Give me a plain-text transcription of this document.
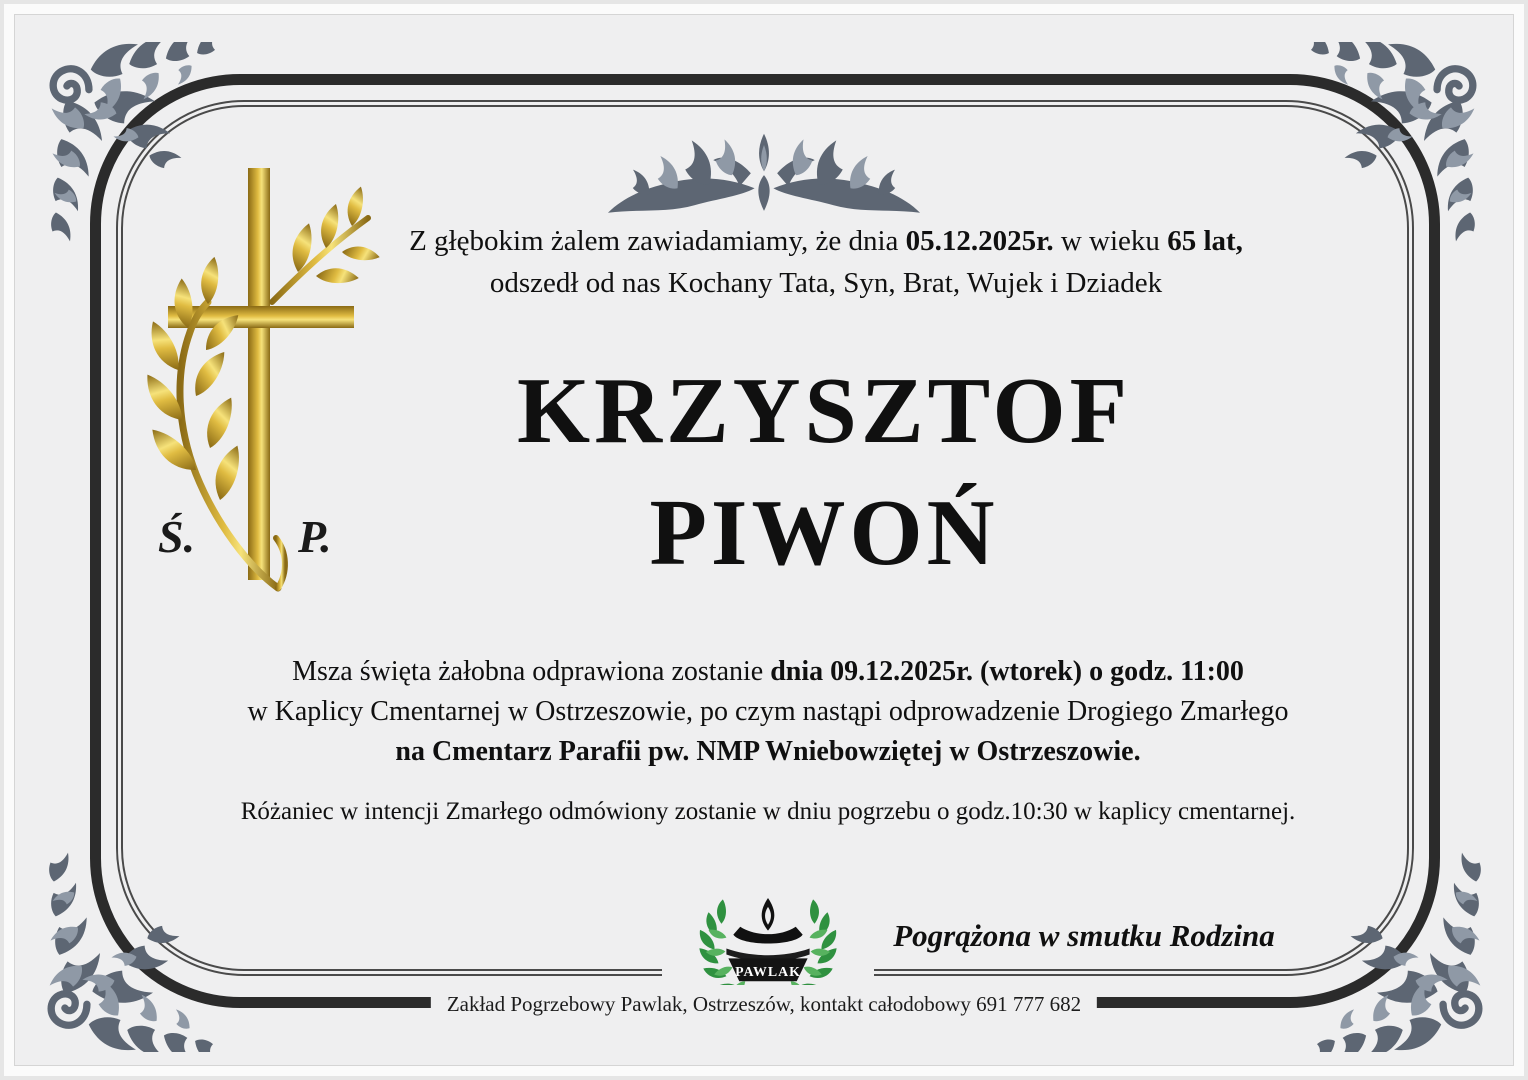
Ś. P.
Z głębokim żalem zawiadamiamy, że dnia 05.12.2025r. w wieku 65 lat,
odszedł od nas Kochany Tata, Syn, Brat, Wujek i Dziadek
KRZYSZTOF
PIWOŃ
Msza święta żałobna odprawiona zostanie dnia 09.12.2025r. (wtorek) o godz. 11:00
w Kaplicy Cmentarnej w Ostrzeszowie, po czym nastąpi odprowadzenie Drogiego Zmarłego
na Cmentarz Parafii pw. NMP Wniebowziętej w Ostrzeszowie.
Różaniec w intencji Zmarłego odmówiony zostanie w dniu pogrzebu o godz.10:30 w kaplicy cmentarnej.
PAWLAK
Pogrążona w smutku Rodzina
Zakład Pogrzebowy Pawlak, Ostrzeszów, kontakt całodobowy 691 777 682
